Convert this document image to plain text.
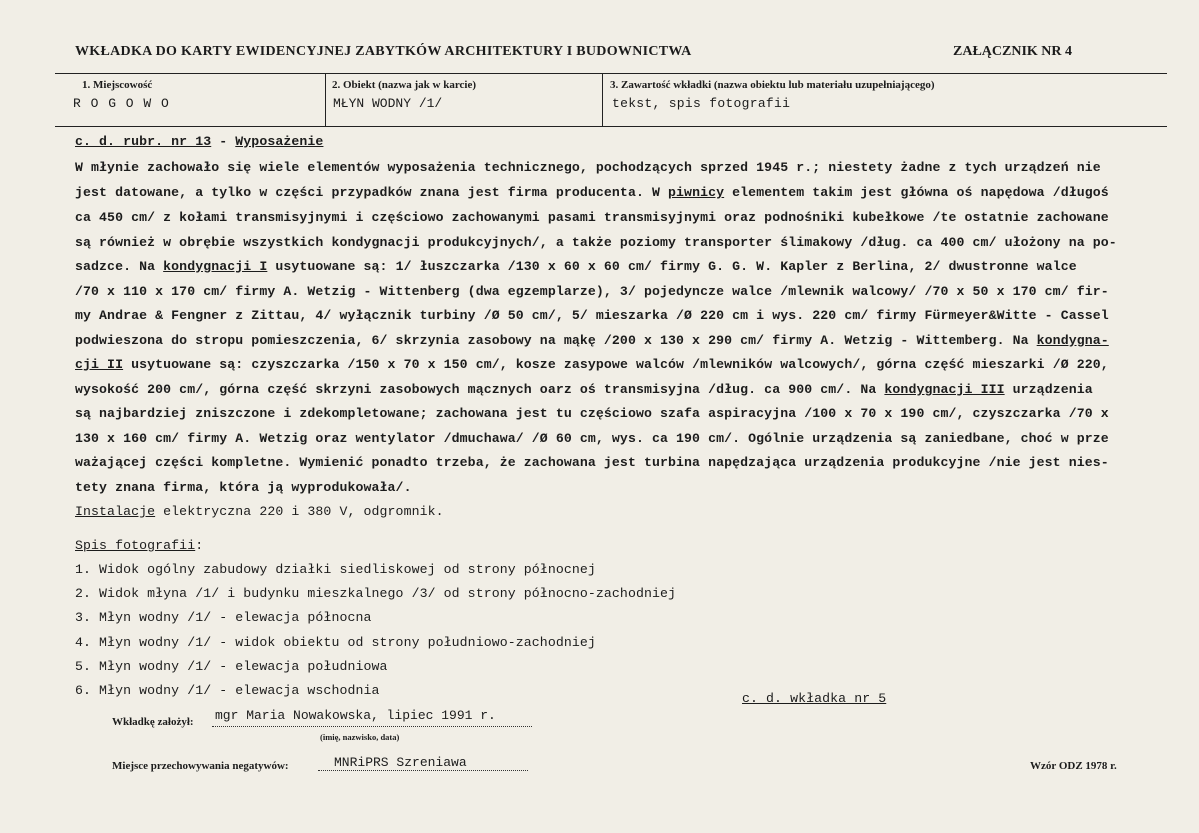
WKŁADKA DO KARTY EWIDENCYJNEJ ZABYTKÓW ARCHITEKTURY I BUDOWNICTWA	ZAŁĄCZNIK NR 4
1. Miejscowość
R O G O W O
2. Obiekt (nazwa jak w karcie)
MŁYN WODNY /1/
3. Zawartość wkładki (nazwa obiektu lub materiału uzupełniającego)
tekst, spis fotografii
c. d. rubr. nr 13 - Wyposażenie
W młynie zachowało się wiele elementów wyposażenia technicznego, pochodzących sprzed 1945 r.; niestety żadne z tych urządzeń nie
jest datowane, a tylko w części przypadków znana jest firma producenta. W piwnicy elementem takim jest główna oś napędowa /długoś
ca 450 cm/ z kołami transmisyjnymi i częściowo zachowanymi pasami transmisyjnymi oraz podnośniki kubełkowe /te ostatnie zachowane
są również w obrębie wszystkich kondygnacji produkcyjnych/, a także poziomy transporter ślimakowy /dług. ca 400 cm/ ułożony na po-
sadzce. Na kondygnacji I usytuowane są: 1/ łuszczarka /130 x 60 x 60 cm/ firmy G. G. W. Kapler z Berlina, 2/ dwustronne walce
/70 x 110 x 170 cm/ firmy A. Wetzig - Wittenberg (dwa egzemplarze), 3/ pojedyncze walce /mlewnik walcowy/ /70 x 50 x 170 cm/ fir-
my Andrae & Fengner z Zittau, 4/ wyłącznik turbiny /Ø 50 cm/, 5/ mieszarka /Ø 220 cm i wys. 220 cm/ firmy Fürmeyer&Witte - Cassel
podwieszona do stropu pomieszczenia, 6/ skrzynia zasobowy na mąkę /200 x 130 x 290 cm/ firmy A. Wetzig - Wittemberg. Na kondygna-
cji II usytuowane są: czyszczarka /150 x 70 x 150 cm/, kosze zasypowe walców /mlewników walcowych/, górna część mieszarki /Ø 220,
wysokość 200 cm/, górna część skrzyni zasobowych mącznych oarz oś transmisyjna /dług. ca 900 cm/. Na kondygnacji III urządzenia
są najbardziej zniszczone i zdekompletowane; zachowana jest tu częściowo szafa aspiracyjna /100 x 70 x 190 cm/, czyszczarka /70 x
130 x 160 cm/ firmy A. Wetzig oraz wentylator /dmuchawa/ /Ø 60 cm, wys. ca 190 cm/. Ogólnie urządzenia są zaniedbane, choć w prze
ważającej części kompletne. Wymienić ponadto trzeba, że zachowana jest turbina napędzająca urządzenia produkcyjne /nie jest nies-
tety znana firma, która ją wyprodukowała/.
Instalacje elektryczna 220 i 380 V, odgromnik.
Spis fotografii:
1. Widok ogólny zabudowy działki siedliskowej od strony północnej
2. Widok młyna /1/ i budynku mieszkalnego /3/ od strony północno-zachodniej
3. Młyn wodny /1/ - elewacja północna
4. Młyn wodny /1/ - widok obiektu od strony południowo-zachodniej
5. Młyn wodny /1/ - elewacja południowa
6. Młyn wodny /1/ - elewacja wschodnia
c. d. wkładka nr 5
Wkładkę założył: mgr Maria Nowakowska, lipiec 1991 r.
(imię, nazwisko, data)
Miejsce przechowywania negatywów:	MNRiPRS Szreniawa	Wzór ODZ 1978 r.
